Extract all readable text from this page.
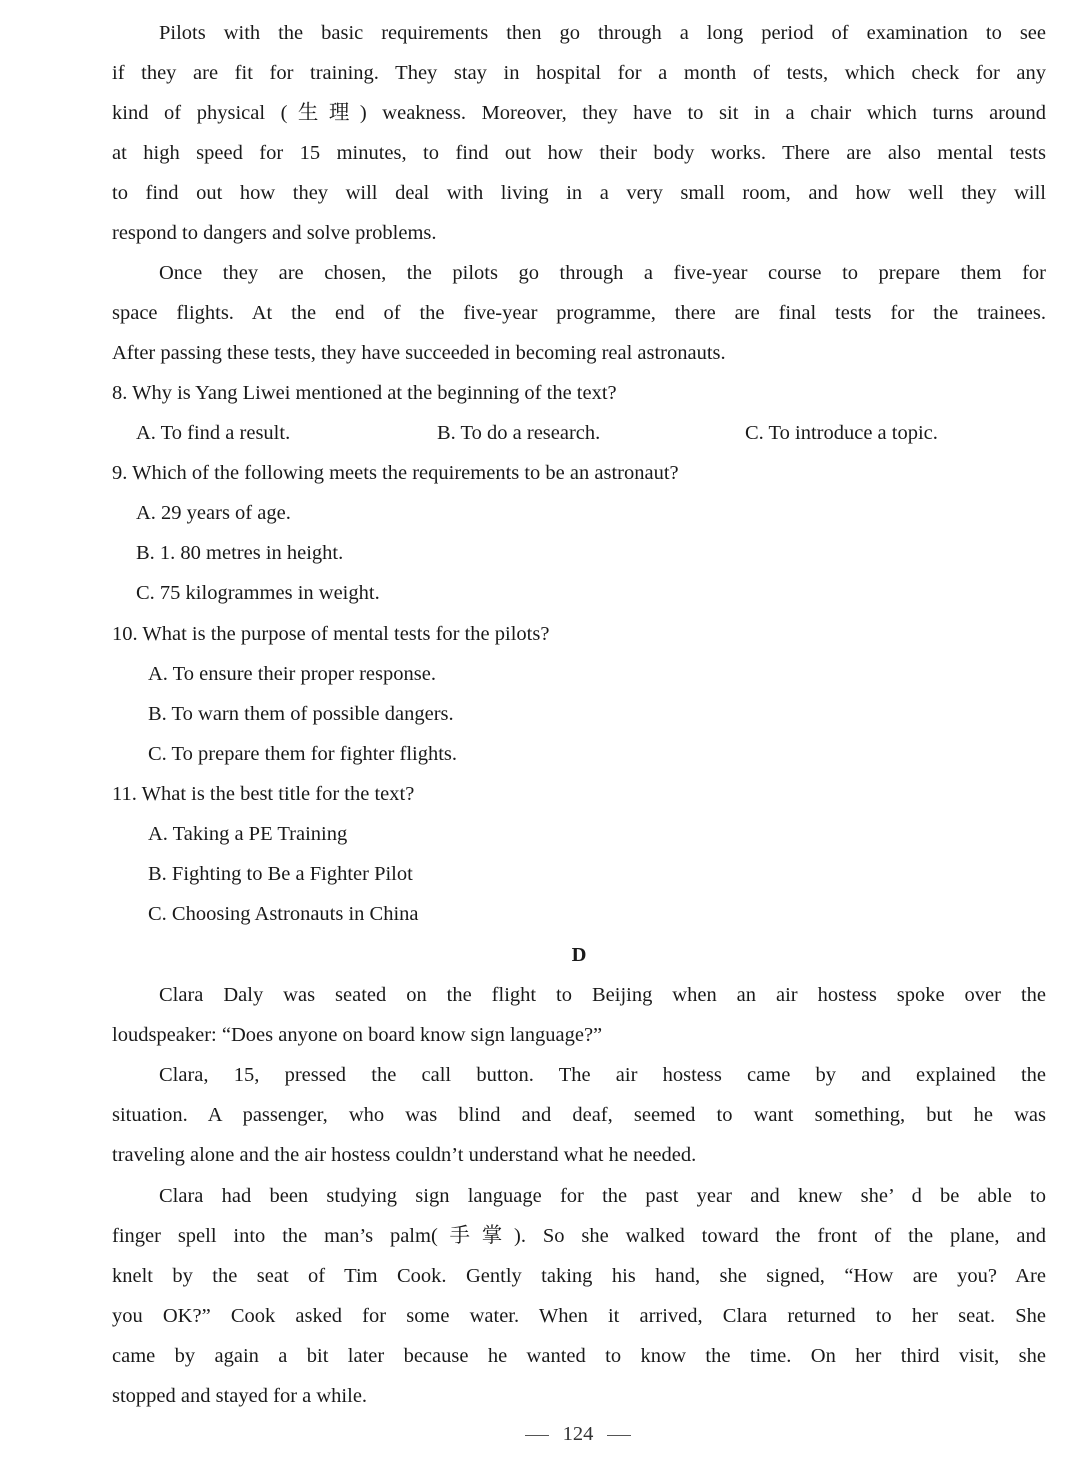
Pilots with the basic requirements then go through a long period of examination to see
if they are fit for training. They stay in hospital for a month of tests, which check for any
kind of physical (生理) weakness. Moreover, they have to sit in a chair which turns around
at high speed for 15 minutes, to find out how their body works. There are also mental tests
to find out how they will deal with living in a very small room, and how well they will
respond to dangers and solve problems.
Once they are chosen, the pilots go through a five-year course to prepare them for
space flights. At the end of the five-year programme, there are final tests for the trainees.
After passing these tests, they have succeeded in becoming real astronauts.
8. Why is Yang Liwei mentioned at the beginning of the text?
A. To find a result.	B. To do a research.	C. To introduce a topic.
9. Which of the following meets the requirements to be an astronaut?
A. 29 years of age.
B. 1. 80 metres in height.
C. 75 kilogrammes in weight.
10. What is the purpose of mental tests for the pilots?
A. To ensure their proper response.
B. To warn them of possible dangers.
C. To prepare them for fighter flights.
11. What is the best title for the text?
A. Taking a PE Training
B. Fighting to Be a Fighter Pilot
C. Choosing Astronauts in China
D
Clara Daly was seated on the flight to Beijing when an air hostess spoke over the
loudspeaker: “Does anyone on board know sign language?”
Clara, 15, pressed the call button. The air hostess came by and explained the
situation. A passenger, who was blind and deaf, seemed to want something, but he was
traveling alone and the air hostess couldn’t understand what he needed.
Clara had been studying sign language for the past year and knew she’ d be able to
finger spell into the man’s palm(手掌). So she walked toward the front of the plane, and
knelt by the seat of Tim Cook. Gently taking his hand, she signed, “How are you? Are
you OK?” Cook asked for some water. When it arrived, Clara returned to her seat. She
came by again a bit later because he wanted to know the time. On her third visit, she
stopped and stayed for a while.
124
